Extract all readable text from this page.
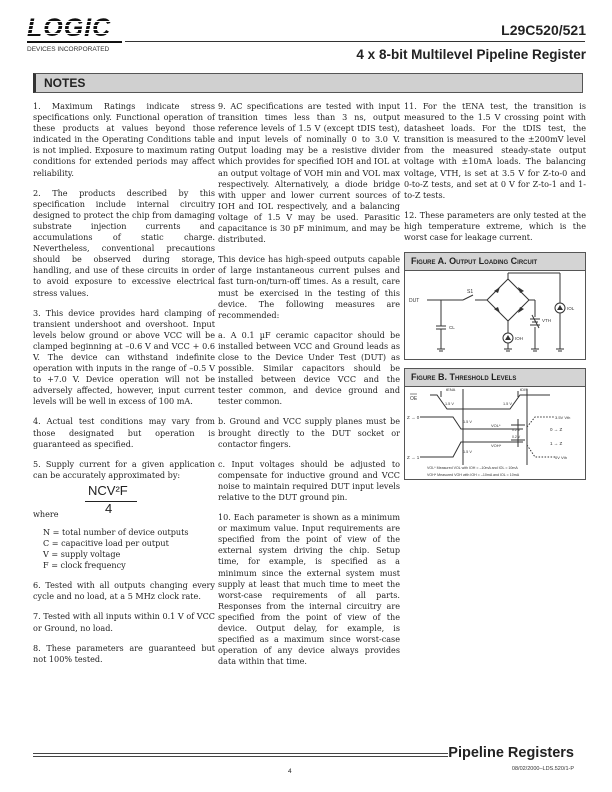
LOGIC
DEVICES INCORPORATED
L29C520/521
4 x 8-bit Multilevel Pipeline Register
NOTES

1. Maximum Ratings indicate stress specifications only. Functional operation of these products at values beyond those indicated in the Operating Conditions table is not implied. Exposure to maximum rating conditions for extended periods may affect reliability.

2. The products described by this specification include internal circuitry designed to protect the chip from damaging substrate injection currents and accumulations of static charge. Nevertheless, conventional precautions should be observed during storage, handling, and use of these circuits in order to avoid exposure to excessive electrical stress values.

3. This device provides hard clamping of transient undershoot and overshoot. Input levels below ground or above VCC will be clamped beginning at –0.6 V and VCC + 0.6 V. The device can withstand indefinite operation with inputs in the range of –0.5 V to +7.0 V. Device operation will not be adversely affected, however, input current levels will be well in excess of 100 mA.

4. Actual test conditions may vary from those designated but operation is guaranteed as specified.

5. Supply current for a given application can be accurately approximated by:

NCV²F
4
where
N = total number of device outputs
C = capacitive load per output
V = supply voltage
F = clock frequency

6. Tested with all outputs changing every cycle and no load, at a 5 MHz clock rate.

7. Tested with all inputs within 0.1 V of VCC or Ground, no load.

8. These parameters are guaranteed but not 100% tested.

9. AC specifications are tested with input transition times less than 3 ns, output reference levels of 1.5 V (except tDIS test), and input levels of nominally 0 to 3.0 V. Output loading may be a resistive divider which provides for specified IOH and IOL at an output voltage of VOH min and VOL max respectively. Alternatively, a diode bridge with upper and lower current sources of IOH and IOL respectively, and a balancing voltage of 1.5 V may be used. Parasitic capacitance is 30 pF minimum, and may be distributed.

This device has high-speed outputs capable of large instantaneous current pulses and fast turn-on/turn-off times. As a result, care must be exercised in the testing of this device. The following measures are recommended:

a. A 0.1 µF ceramic capacitor should be installed between VCC and Ground leads as close to the Device Under Test (DUT) as possible. Similar capacitors should be installed between device VCC and the tester common, and device ground and tester common.

b. Ground and VCC supply planes must be brought directly to the DUT socket or contactor fingers.

c. Input voltages should be adjusted to compensate for inductive ground and VCC noise to maintain required DUT input levels relative to the DUT ground pin.

10. Each parameter is shown as a minimum or maximum value. Input requirements are specified from the point of view of the external system driving the chip. Setup time, for example, is specified as a minimum since the external system must supply at least that much time to meet the worst-case requirements of all parts. Responses from the internal circuitry are specified from the point of view of the device. Output delay, for example, is specified as a maximum since worst-case operation of any device always provides data within that time.

11. For the tENA test, the transition is measured to the 1.5 V crossing point with datasheet loads. For the tDIS test, the transition is measured to the ±200mV level from the measured steady-state output voltage with ±10mA loads. The balancing voltage, VTH, is set at 3.5 V for Z-to-0 and 0-to-Z tests, and set at 0 V for Z-to-1 and 1-to-Z tests.

12. These parameters are only tested at the high temperature extreme, which is the worst case for leakage current.

Figure A. Output Loading Circuit
DUT
S1
CL
IOH
IOL
VTH
Figure B. Threshold Levels
OE
tENA	tDIS
1.5 V	1.5 V
1.5 V
1.5 V
Z → 0
Z → 1
VOL*
VOH*
0.2 V
0.2 V
3.5V Vth
0V Vth
0 → Z
1 → Z
VOL* Measured VOL with IOH = –10mA and IOL = 10mA
VOH* Measured VOH with IOH = –10mA and IOL = 10mA
Pipeline Registers
4	08/02/2000–LDS.520/1-P
